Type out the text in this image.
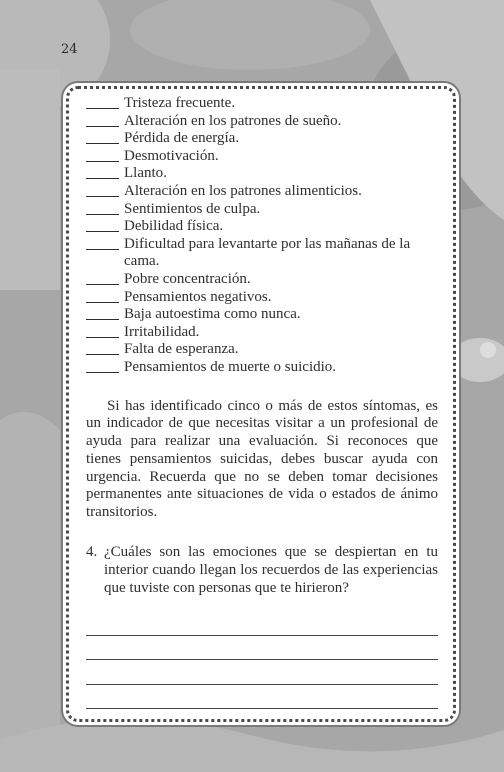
24
Tristeza frecuente.
Alteración en los patrones de sueño.
Pérdida de energía.
Desmotivación.
Llanto.
Alteración en los patrones alimenticios.
Sentimientos de culpa.
Debilidad física.
Dificultad para levantarte por las mañanas de la cama.
Pobre concentración.
Pensamientos negativos.
Baja autoestima como nunca.
Irritabilidad.
Falta de esperanza.
Pensamientos de muerte o suicidio.

Si has identificado cinco o más de estos síntomas, es un indicador de que necesitas visitar a un profesional de ayuda para realizar una evaluación. Si reconoces que tienes pensamientos suicidas, debes buscar ayuda con urgencia. Recuerda que no se deben tomar decisiones permanentes ante situaciones de vida o estados de ánimo transitorios.

4. ¿Cuáles son las emociones que se despiertan en tu interior cuando llegan los recuerdos de las experiencias que tuviste con personas que te hirieron?
